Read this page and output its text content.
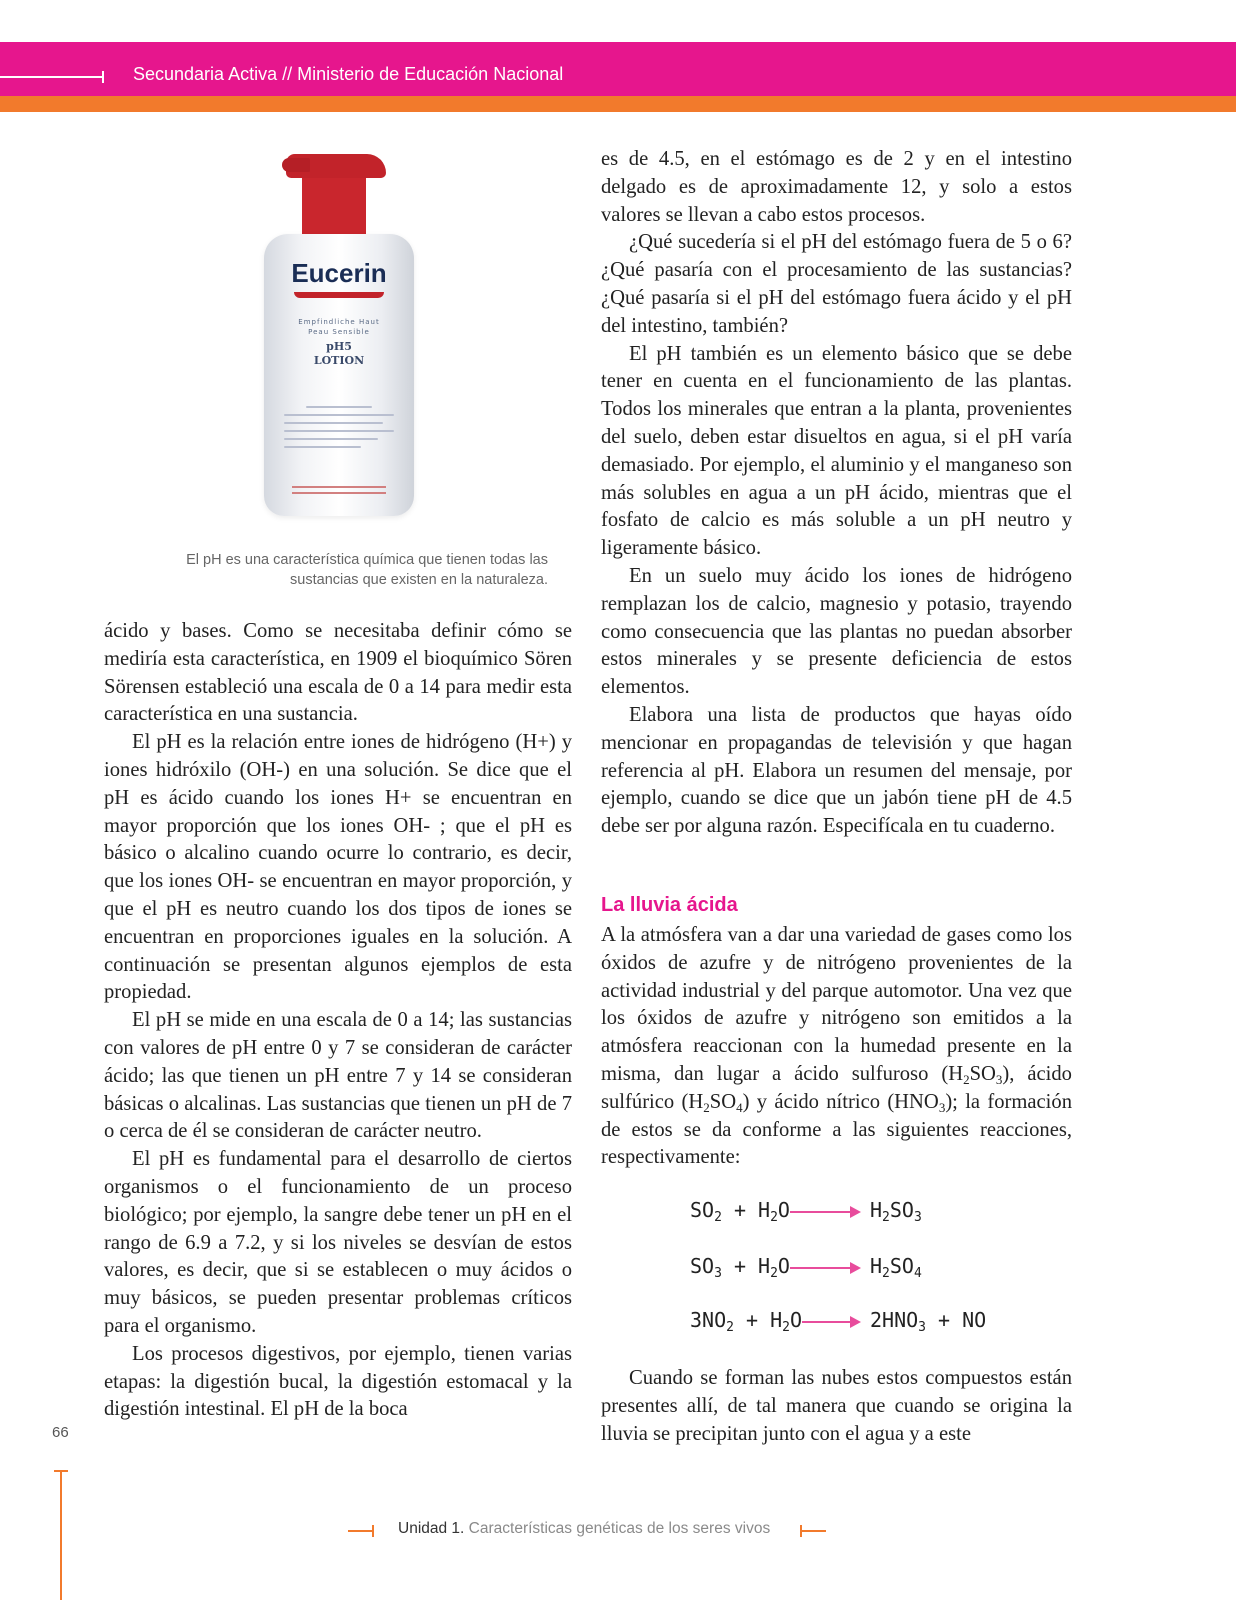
Secundaria Activa // Ministerio de Educación Nacional
Eucerin
Empfindliche Haut
Peau Sensible
pH5
LOTION
El pH es una característica química que tienen todas las
sustancias que existen en la naturaleza.

ácido y bases. Como se necesitaba definir cómo se mediría esta característica, en 1909 el bioquímico Sören Sörensen estableció una escala de 0 a 14 para medir esta característica en una sustancia.

El pH es la relación entre iones de hidrógeno (H+) y iones hidróxilo (OH-) en una solución. Se dice que el pH es ácido cuando los iones H+ se encuentran en mayor proporción que los iones OH- ; que el pH es básico o alcalino cuando ocurre lo contrario, es decir, que los iones OH- se encuentran en mayor proporción, y que el pH es neutro cuando los dos tipos de iones se encuentran en proporciones iguales en la solución. A continuación se presentan algunos ejemplos de esta propiedad.

El pH se mide en una escala de 0 a 14; las sustancias con valores de pH entre 0 y 7 se consideran de carácter ácido; las que tienen un pH entre 7 y 14 se consideran básicas o alcalinas. Las sustancias que tienen un pH de 7 o cerca de él se consideran de carácter neutro.

El pH es fundamental para el desarrollo de ciertos organismos o el funcionamiento de un proceso biológico; por ejemplo, la sangre debe tener un pH en el rango de 6.9 a 7.2, y si los niveles se desvían de estos valores, es decir, que si se establecen o muy ácidos o muy básicos, se pueden presentar problemas críticos para el organismo.

Los procesos digestivos, por ejemplo, tienen varias etapas: la digestión bucal, la digestión estomacal y la digestión intestinal. El pH de la boca

es de 4.5, en el estómago es de 2 y en el intestino delgado es de aproximadamente 12, y solo a estos valores se llevan a cabo estos procesos.

¿Qué sucedería si el pH del estómago fuera de 5 o 6? ¿Qué pasaría con el procesamiento de las sustancias? ¿Qué pasaría si el pH del estómago fuera ácido y el pH del intestino, también?

El pH también es un elemento básico que se debe tener en cuenta en el funcionamiento de las plantas. Todos los minerales que entran a la planta, provenientes del suelo, deben estar disueltos en agua, si el pH varía demasiado. Por ejemplo, el aluminio y el manganeso son más solubles en agua a un pH ácido, mientras que el fosfato de calcio es más soluble a un pH neutro y ligeramente básico.

En un suelo muy ácido los iones de hidrógeno remplazan los de calcio, magnesio y potasio, trayendo como consecuencia que las plantas no puedan absorber estos minerales y se presente deficiencia de estos elementos.

Elabora una lista de productos que hayas oído mencionar en propagandas de televisión y que hagan referencia al pH. Elabora un resumen del mensaje, por ejemplo, cuando se dice que un jabón tiene pH de 4.5 debe ser por alguna razón. Especifícala en tu cuaderno.

La lluvia ácida

A la atmósfera van a dar una variedad de gases como los óxidos de azufre y de nitrógeno provenientes de la actividad industrial y del parque automotor. Una vez que los óxidos de azufre y nitrógeno son emitidos a la atmósfera reaccionan con la humedad presente en la misma, dan lugar a ácido sulfuroso $(H_2SO_3)$, ácido sulfúrico $(H_2SO_4)$ y ácido nítrico $(HNO_3)$; la formación de estos se da conforme a las siguientes reacciones, respectivamente:

$SO_2 + H_2O$	$H_2SO_3$
$SO_3 + H_2O$	$H_2SO_4$
$3NO_2 + H_2O$	$2HNO_3$ + NO

Cuando se forman las nubes estos compuestos están presentes allí, de tal manera que cuando se origina la lluvia se precipitan junto con el agua y a este

66
Unidad 1. Características genéticas de los seres vivos
